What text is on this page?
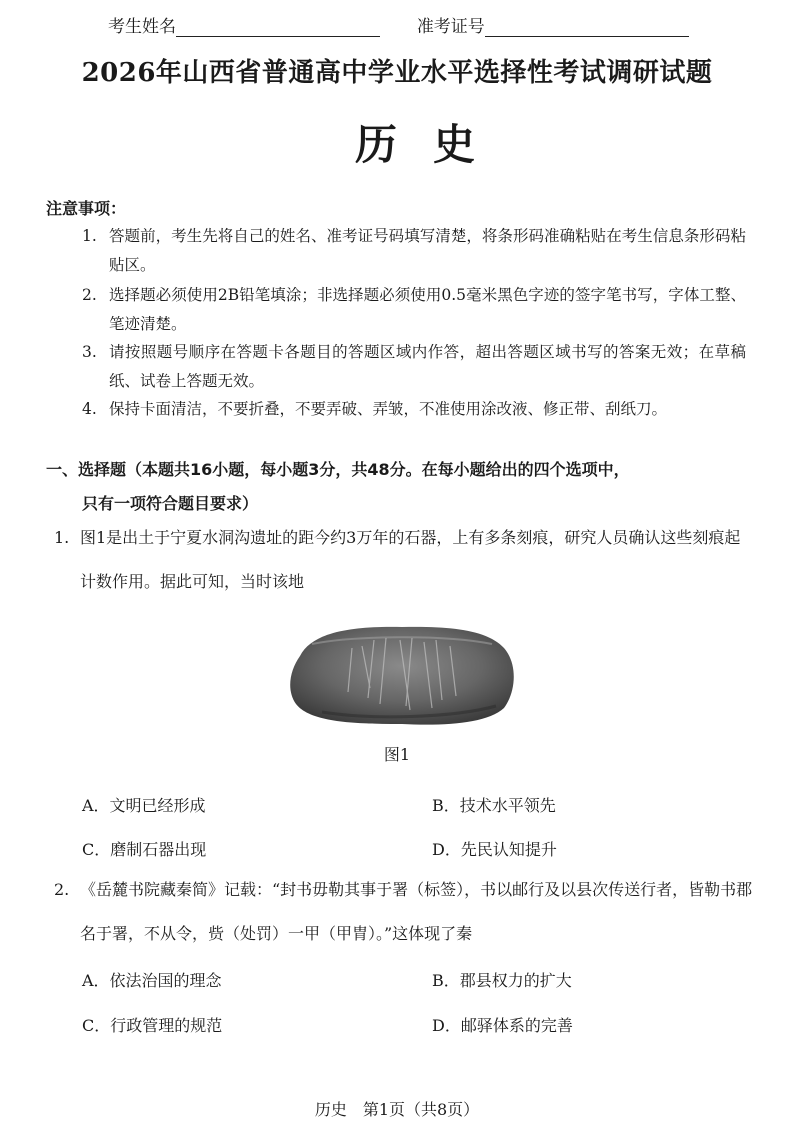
考生姓名	准考证号
2026年山西省普通高中学业水平选择性考试调研试题
历史
注意事项：
1. 答题前，考生先将自己的姓名、准考证号码填写清楚，将条形码准确粘贴在考生信息条形码粘贴区。
2. 选择题必须使用2B铅笔填涂；非选择题必须使用0.5毫米黑色字迹的签字笔书写，字体工整、笔迹清楚。
3. 请按照题号顺序在答题卡各题目的答题区域内作答，超出答题区域书写的答案无效；在草稿纸、试卷上答题无效。
4. 保持卡面清洁，不要折叠，不要弄破、弄皱，不准使用涂改液、修正带、刮纸刀。
一、选择题（本题共16小题，每小题3分，共48分。在每小题给出的四个选项中，
只有一项符合题目要求）
1. 图1是出土于宁夏水洞沟遗址的距今约3万年的石器，上有多条刻痕，研究人员确认这些刻痕起计数作用。据此可知，当时该地
图1
A．文明已经形成	B．技术水平领先
C．磨制石器出现	D．先民认知提升
2. 《岳麓书院藏秦简》记载：“封书毋勒其事于署（标签），书以邮行及以县次传送行者，皆勒书郡名于署，不从令，赀（处罚）一甲（甲胄）。”这体现了秦
A．依法治国的理念	B．郡县权力的扩大
C．行政管理的规范	D．邮驿体系的完善
历史　第1页（共8页）
